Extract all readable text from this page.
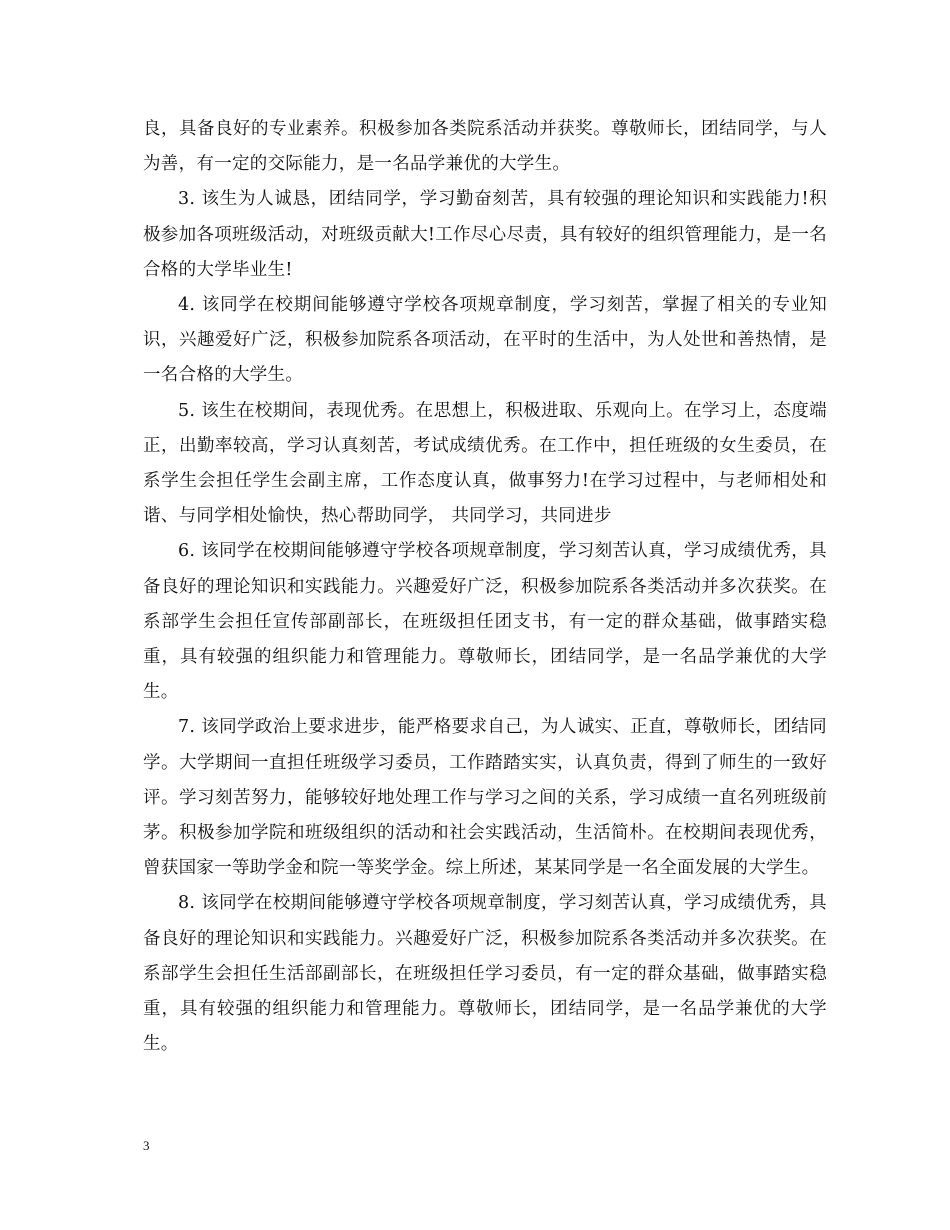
良，具备良好的专业素养。积极参加各类院系活动并获奖。尊敬师长，团结同学，与人为善，有一定的交际能力，是一名品学兼优的大学生。

3. 该生为人诚恳，团结同学，学习勤奋刻苦，具有较强的理论知识和实践能力!积极参加各项班级活动，对班级贡献大!工作尽心尽责，具有较好的组织管理能力，是一名合格的大学毕业生!

4. 该同学在校期间能够遵守学校各项规章制度，学习刻苦，掌握了相关的专业知识，兴趣爱好广泛，积极参加院系各项活动，在平时的生活中，为人处世和善热情，是一名合格的大学生。

5. 该生在校期间，表现优秀。在思想上，积极进取、乐观向上。在学习上，态度端正，出勤率较高，学习认真刻苦，考试成绩优秀。在工作中，担任班级的女生委员，在系学生会担任学生会副主席，工作态度认真，做事努力!在学习过程中，与老师相处和谐、与同学相处愉快，热心帮助同学， 共同学习，共同进步

6. 该同学在校期间能够遵守学校各项规章制度，学习刻苦认真，学习成绩优秀，具备良好的理论知识和实践能力。兴趣爱好广泛，积极参加院系各类活动并多次获奖。在系部学生会担任宣传部副部长，在班级担任团支书，有一定的群众基础，做事踏实稳重，具有较强的组织能力和管理能力。尊敬师长，团结同学，是一名品学兼优的大学生。

7. 该同学政治上要求进步，能严格要求自己，为人诚实、正直，尊敬师长，团结同学。大学期间一直担任班级学习委员，工作踏踏实实，认真负责，得到了师生的一致好评。学习刻苦努力，能够较好地处理工作与学习之间的关系，学习成绩一直名列班级前茅。积极参加学院和班级组织的活动和社会实践活动，生活简朴。在校期间表现优秀，曾获国家一等助学金和院一等奖学金。综上所述，某某同学是一名全面发展的大学生。

8. 该同学在校期间能够遵守学校各项规章制度，学习刻苦认真，学习成绩优秀，具备良好的理论知识和实践能力。兴趣爱好广泛，积极参加院系各类活动并多次获奖。在系部学生会担任生活部副部长，在班级担任学习委员，有一定的群众基础，做事踏实稳重，具有较强的组织能力和管理能力。尊敬师长，团结同学，是一名品学兼优的大学生。

3
